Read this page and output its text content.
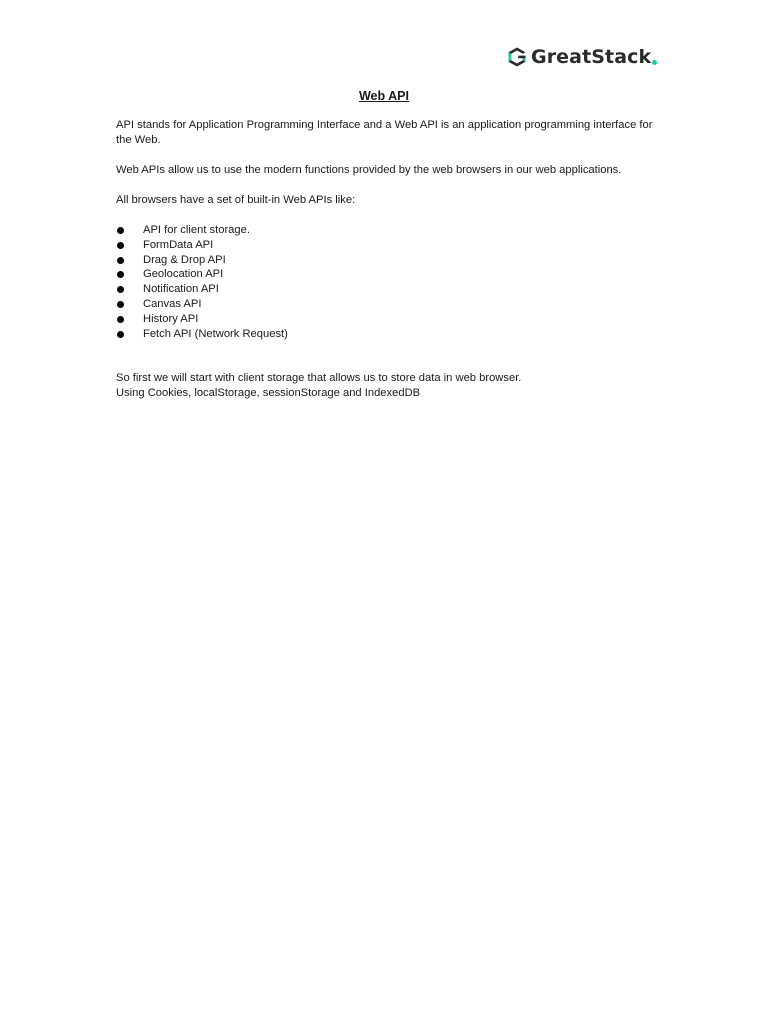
GreatStack
Web API

API stands for Application Programming Interface and a Web API is an application programming interface for the Web.

Web APIs allow us to use the modern functions provided by the web browsers in our web applications.

All browsers have a set of built-in Web APIs like:

API for client storage.
FormData API
Drag & Drop API
Geolocation API
Notification API
Canvas API
History API
Fetch API (Network Request)

So first we will start with client storage that allows us to store data in web browser.

Using Cookies, localStorage, sessionStorage and IndexedDB
